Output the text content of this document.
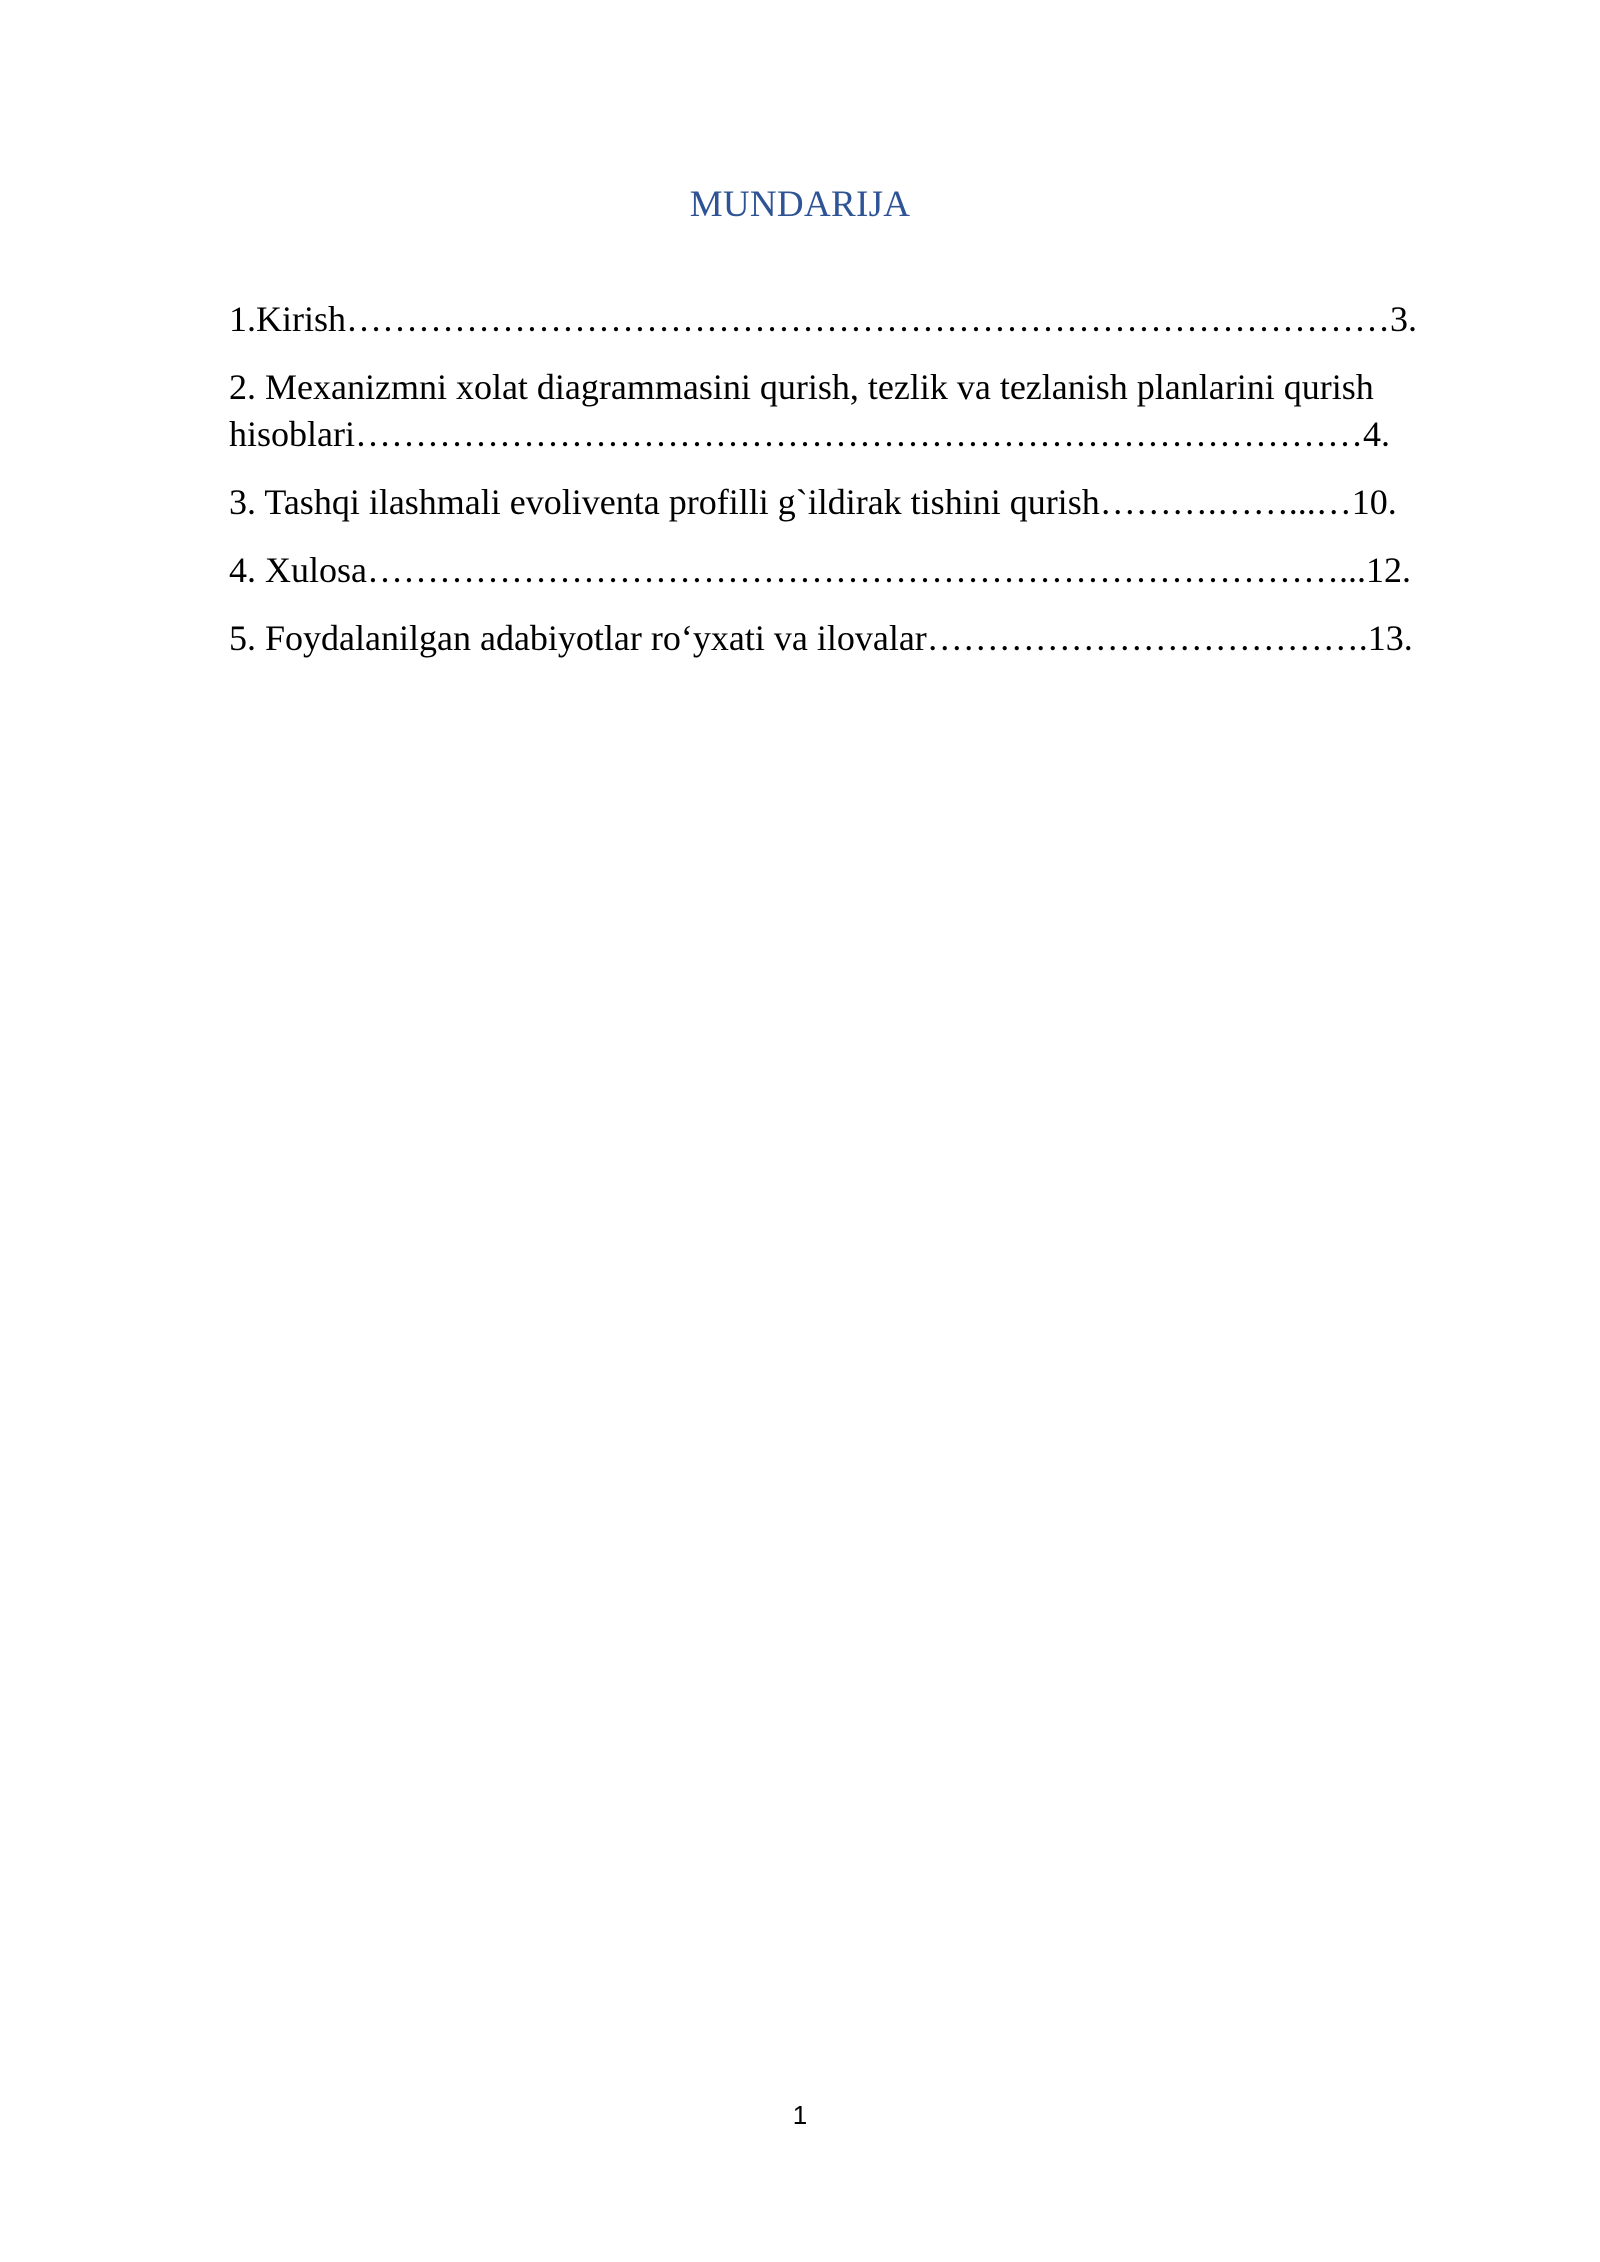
MUNDARIJA

1.Kirish……………………………………………………………………………3.

2. Mexanizmni xolat diagrammasini qurish, tezlik va tezlanish planlarini qurish

hisoblari…………………………………………………………………………4.

3. Tashqi ilashmali evoliventa profilli g`ildirak tishini qurish……….……...…10.

4. Xulosa………………………………………………………………………...12.

5. Foydalanilgan adabiyotlar ro‘yxati va ilovalar……………………………….13.

1
